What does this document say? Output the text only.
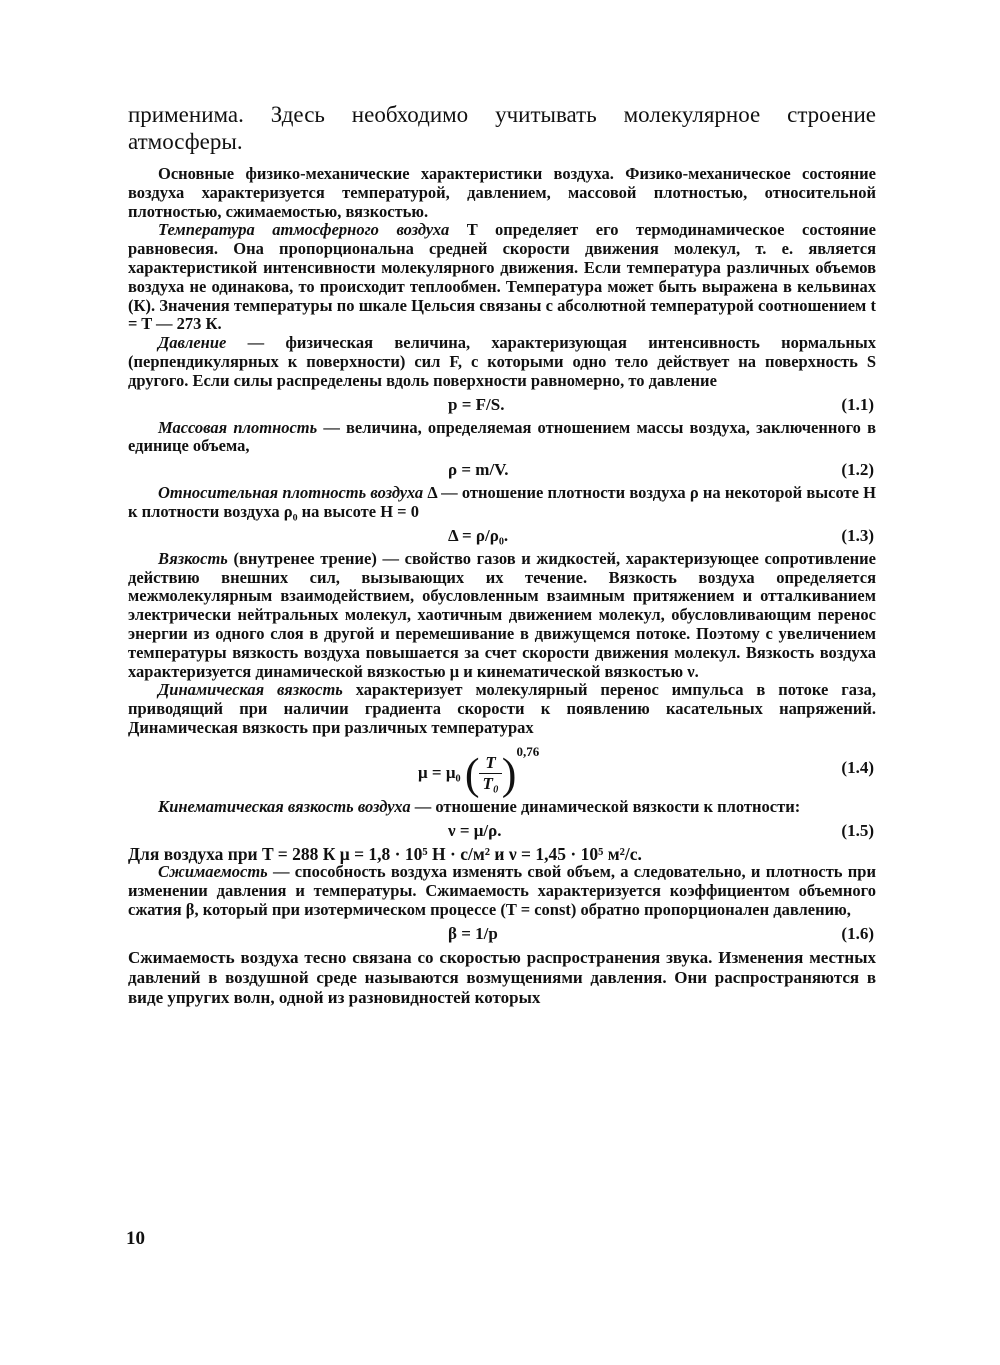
применима. Здесь необходимо учитывать молекулярное строение атмосферы.

Основные физико-механические характеристики воздуха. Физико-механическое состояние воздуха характеризуется температурой, давлением, массовой плотностью, относительной плотностью, сжимаемостью, вязкостью.

Температура атмосферного воздуха T определяет его термодинамическое состояние равновесия. Она пропорциональна средней скорости движения молекул, т. е. является характеристикой интенсивности молекулярного движения. Если температура различных объемов воздуха не одинакова, то происходит теплообмен. Температура может быть выражена в кельвинах (К). Значения температуры по шкале Цельсия связаны с абсолютной температурой соотношением t = T — 273 К.

Давление — физическая величина, характеризующая интенсивность нормальных (перпендикулярных к поверхности) сил F, с которыми одно тело действует на поверхность S другого. Если силы распределены вдоль поверхности равномерно, то давление

p = F/S.	(1.1)

Массовая плотность — величина, определяемая отношением массы воздуха, заключенного в единице объема,

ρ = m/V.	(1.2)

Относительная плотность воздуха Δ — отношение плотности воздуха ρ на некоторой высоте H к плотности воздуха ρ₀ на высоте H = 0

Δ = ρ/ρ₀.	(1.3)

Вязкость (внутренее трение) — свойство газов и жидкостей, характеризующее сопротивление действию внешних сил, вызывающих их течение. Вязкость воздуха определяется межмолекулярным взаимодействием, обусловленным взаимным притяжением и отталкиванием электрически нейтральных молекул, хаотичным движением молекул, обусловливающим перенос энергии из одного слоя в другой и перемешивание в движущемся потоке. Поэтому с увеличением температуры вязкость воздуха повышается за счет скорости движения молекул. Вязкость воздуха характеризуется динамической вязкостью μ и кинематической вязкостью ν.

Динамическая вязкость характеризует молекулярный перенос импульса в потоке газа, приводящий при наличии градиента скорости к появлению касательных напряжений. Динамическая вязкость при различных температурах

μ = μ₀ ( $\frac{T}{\text{T₀}} )^{0,76}$
(1.4)

Кинематическая вязкость воздуха — отношение динамической вязкости к плотности:

ν = μ/ρ.	(1.5)

Для воздуха при T = 288 К μ = 1,8 · 10⁵ Н · с/м² и ν = 1,45 · 10⁵ м²/с.

Сжимаемость — способность воздуха изменять свой объем, а следовательно, и плотность при изменении давления и температуры. Сжимаемость характеризуется коэффициентом объемного сжатия β, который при изотермическом процессе (T = const) обратно пропорционален давлению,

β = 1/p	(1.6)

Сжимаемость воздуха тесно связана со скоростью распространения звука. Изменения местных давлений в воздушной среде называются возмущениями давления. Они распространяются в виде упругих волн, одной из разновидностей которых

10
